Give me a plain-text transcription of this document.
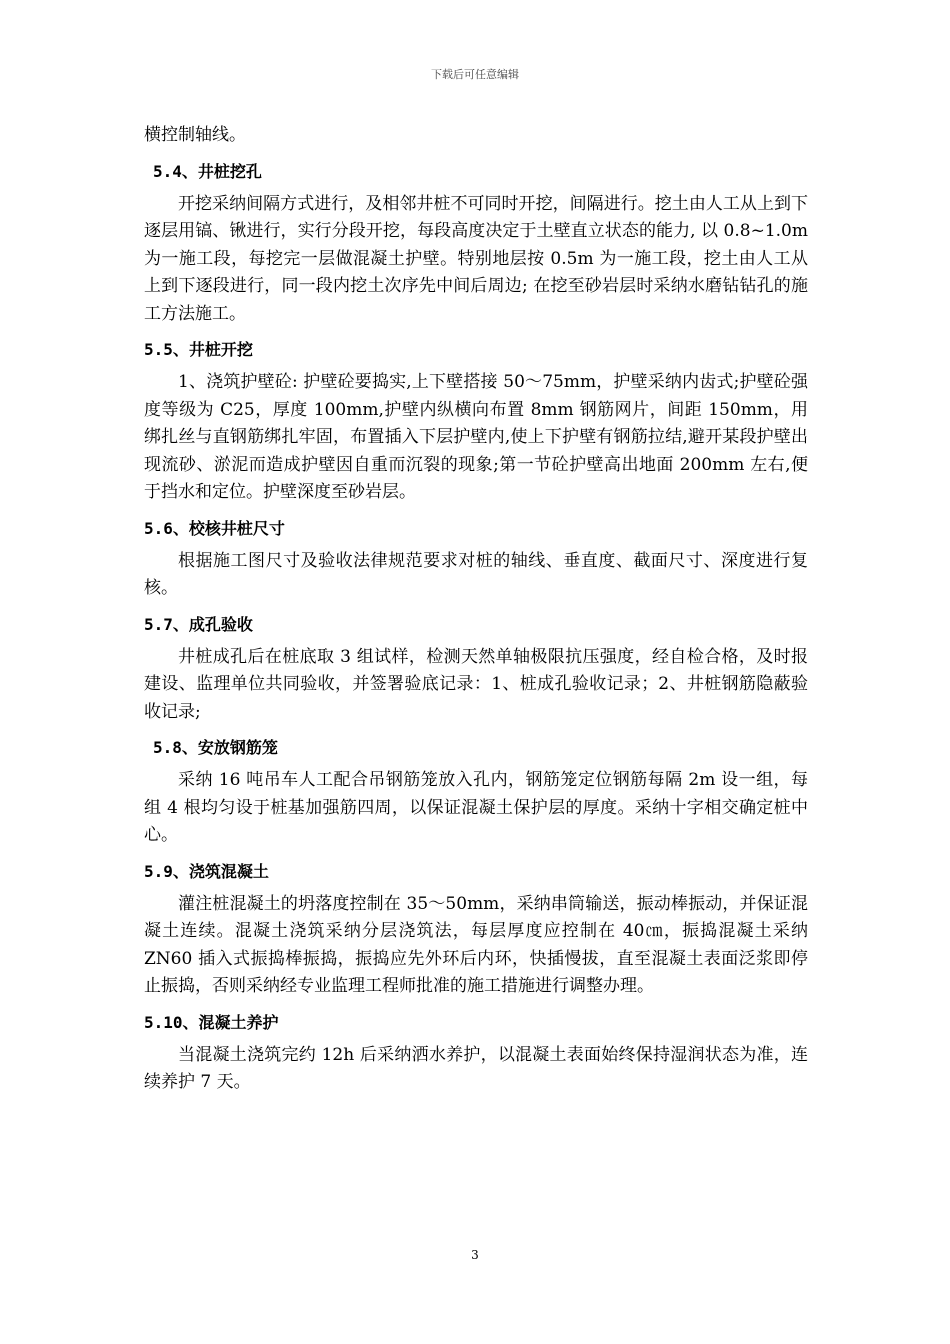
下载后可任意编辑

横控制轴线。

5.4、井桩挖孔

开挖采纳间隔方式进行，及相邻井桩不可同时开挖，间隔进行。挖土由人工从上到下逐层用镐、锹进行，实行分段开挖，每段高度决定于土壁直立状态的能力, 以 0.8~1.0m 为一施工段，每挖完一层做混凝土护壁。特别地层按 0.5m 为一施工段，挖土由人工从上到下逐段进行，同一段内挖土次序先中间后周边; 在挖至砂岩层时采纳水磨钻钻孔的施工方法施工。

5.5、井桩开挖

1、浇筑护壁砼: 护壁砼要捣实,上下壁搭接 50～75mm，护壁采纳内齿式;护壁砼强度等级为 C25，厚度 100mm,护壁内纵横向布置 8mm 钢筋网片，间距 150mm，用绑扎丝与直钢筋绑扎牢固，布置插入下层护壁内,使上下护壁有钢筋拉结,避开某段护壁出现流砂、淤泥而造成护壁因自重而沉裂的现象;第一节砼护壁高出地面 200mm 左右,便于挡水和定位。护壁深度至砂岩层。

5.6、校核井桩尺寸

根据施工图尺寸及验收法律规范要求对桩的轴线、垂直度、截面尺寸、深度进行复核。

5.7、成孔验收

井桩成孔后在桩底取 3 组试样，检测天然单轴极限抗压强度，经自检合格，及时报建设、监理单位共同验收，并签署验底记录：1、桩成孔验收记录；2、井桩钢筋隐蔽验收记录;

5.8、安放钢筋笼

采纳 16 吨吊车人工配合吊钢筋笼放入孔内，钢筋笼定位钢筋每隔 2m 设一组，每组 4 根均匀设于桩基加强筋四周，以保证混凝土保护层的厚度。采纳十字相交确定桩中心。

5.9、浇筑混凝土

灌注桩混凝土的坍落度控制在 35～50mm，采纳串筒输送，振动棒振动，并保证混凝土连续。混凝土浇筑采纳分层浇筑法，每层厚度应控制在 40㎝，振捣混凝土采纳 ZN60 插入式振捣棒振捣，振捣应先外环后内环，快插慢拔，直至混凝土表面泛浆即停止振捣，否则采纳经专业监理工程师批准的施工措施进行调整办理。

5.10、混凝土养护

当混凝土浇筑完约 12h 后采纳洒水养护，以混凝土表面始终保持湿润状态为准，连续养护 7 天。

3
